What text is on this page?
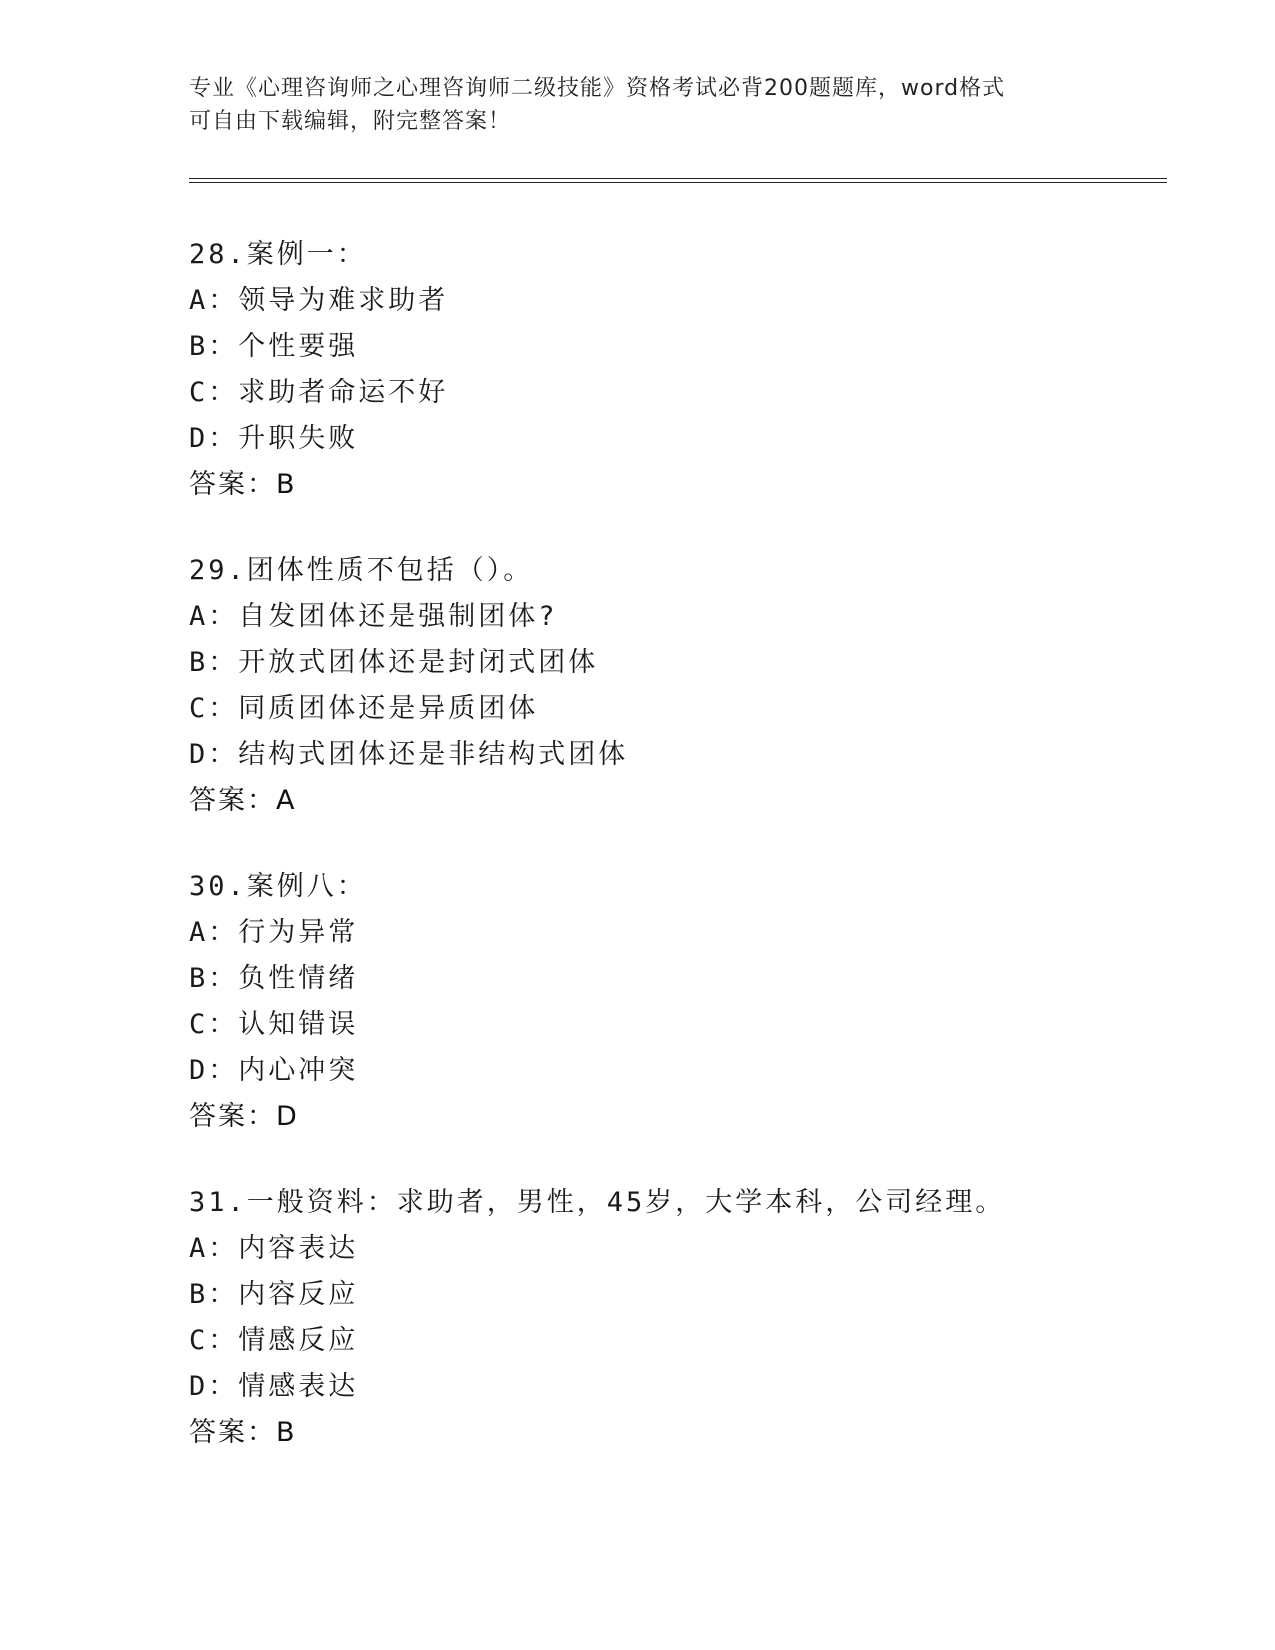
专业《心理咨询师之心理咨询师二级技能》资格考试必背200题题库，word格式
可自由下载编辑，附完整答案！
28.案例一：
A：领导为难求助者
B：个性要强
C：求助者命运不好
D：升职失败
答案：B
29.团体性质不包括（）。
A：自发团体还是强制团体?
B：开放式团体还是封闭式团体
C：同质团体还是异质团体
D：结构式团体还是非结构式团体
答案：A
30.案例八：
A：行为异常
B：负性情绪
C：认知错误
D：内心冲突
答案：D
31.一般资料：求助者，男性，45岁，大学本科，公司经理。
A：内容表达
B：内容反应
C：情感反应
D：情感表达
答案：B
